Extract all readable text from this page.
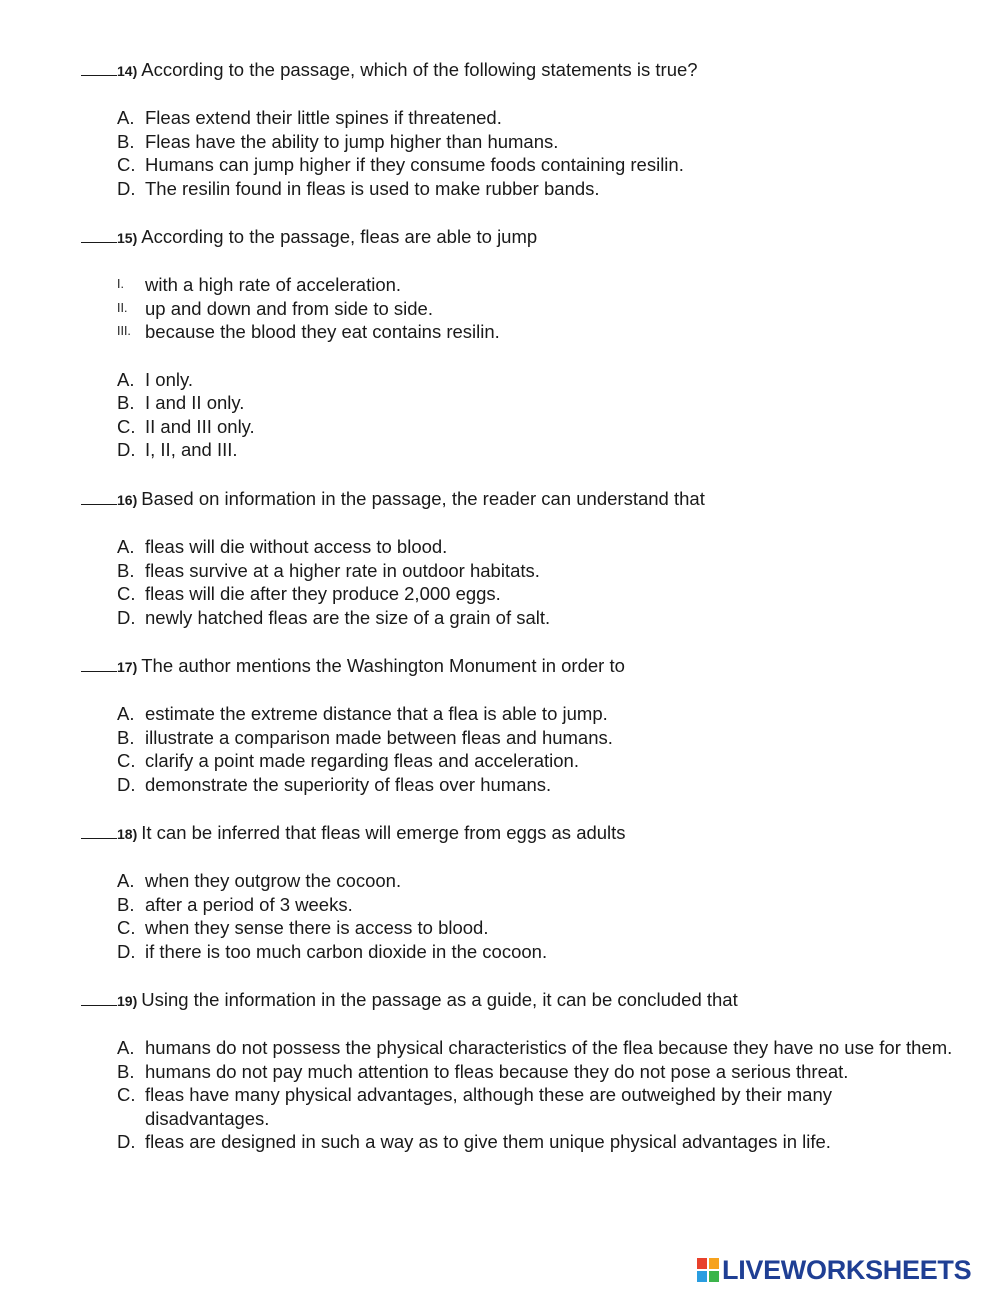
14) According to the passage, which of the following statements is true?
A. Fleas extend their little spines if threatened.
B. Fleas have the ability to jump higher than humans.
C. Humans can jump higher if they consume foods containing resilin.
D. The resilin found in fleas is used to make rubber bands.
15) According to the passage, fleas are able to jump
I. with a high rate of acceleration.
II. up and down and from side to side.
III. because the blood they eat contains resilin.
A. I only.
B. I and II only.
C. II and III only.
D. I, II, and III.
16) Based on information in the passage, the reader can understand that
A. fleas will die without access to blood.
B. fleas survive at a higher rate in outdoor habitats.
C. fleas will die after they produce 2,000 eggs.
D. newly hatched fleas are the size of a grain of salt.
17) The author mentions the Washington Monument in order to
A. estimate the extreme distance that a flea is able to jump.
B. illustrate a comparison made between fleas and humans.
C. clarify a point made regarding fleas and acceleration.
D. demonstrate the superiority of fleas over humans.
18) It can be inferred that fleas will emerge from eggs as adults
A. when they outgrow the cocoon.
B. after a period of 3 weeks.
C. when they sense there is access to blood.
D. if there is too much carbon dioxide in the cocoon.
19) Using the information in the passage as a guide, it can be concluded that
A. humans do not possess the physical characteristics of the flea because they have no use for them.
B. humans do not pay much attention to fleas because they do not pose a serious threat.
C. fleas have many physical advantages, although these are outweighed by their many disadvantages.
D. fleas are designed in such a way as to give them unique physical advantages in life.
LIVEWORKSHEETS
